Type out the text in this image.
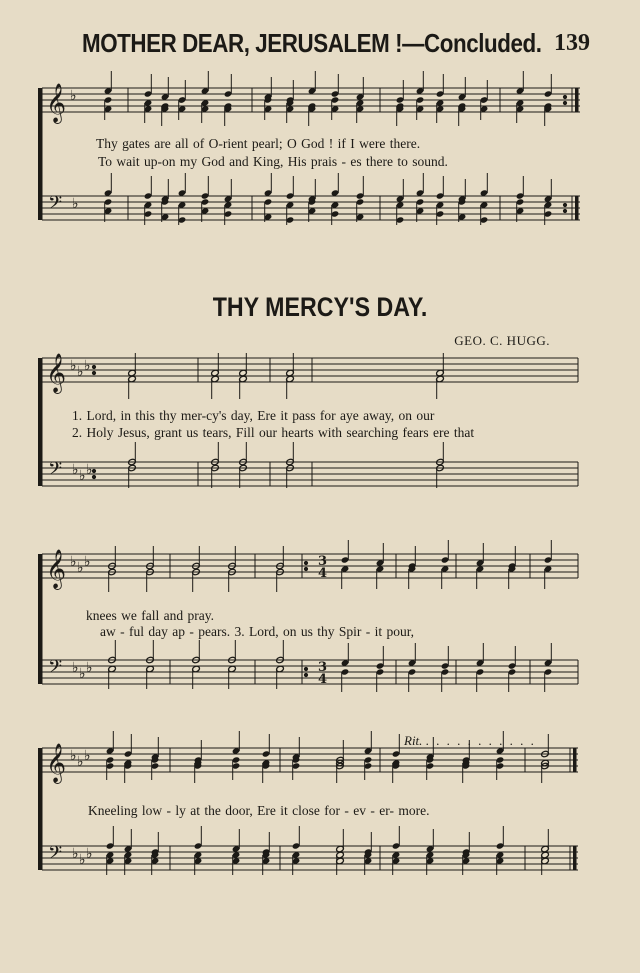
MOTHER DEAR, JERUSALEM !—Concluded. 139
THY MERCY'S DAY.
GEO. C. HUGG.
Thy gates are all of O-rient pearl; O God ! if I were there.
To wait up-on my God and King, His prais - es there to sound.
1. Lord, in this thy mer-cy's day, Ere it pass for aye away, on our
2. Holy Jesus, grant us tears, Fill our hearts with searching fears ere that
knees we fall and pray.
aw - ful day ap - pears. 3. Lord, on us thy Spir - it pour,
Kneeling low - ly at the door, Ere it close for - ev - er- more.
Rit. . . . . . . . . . . .
𝄞 ♭
𝄢 ♭
𝄞 ♭ ♭ ♭
𝄢 ♭ ♭ ♭
𝄞 ♭ ♭ ♭
𝄢 ♭ ♭ ♭
3
4
3
4
𝄞 ♭ ♭ ♭
𝄢 ♭ ♭ ♭
